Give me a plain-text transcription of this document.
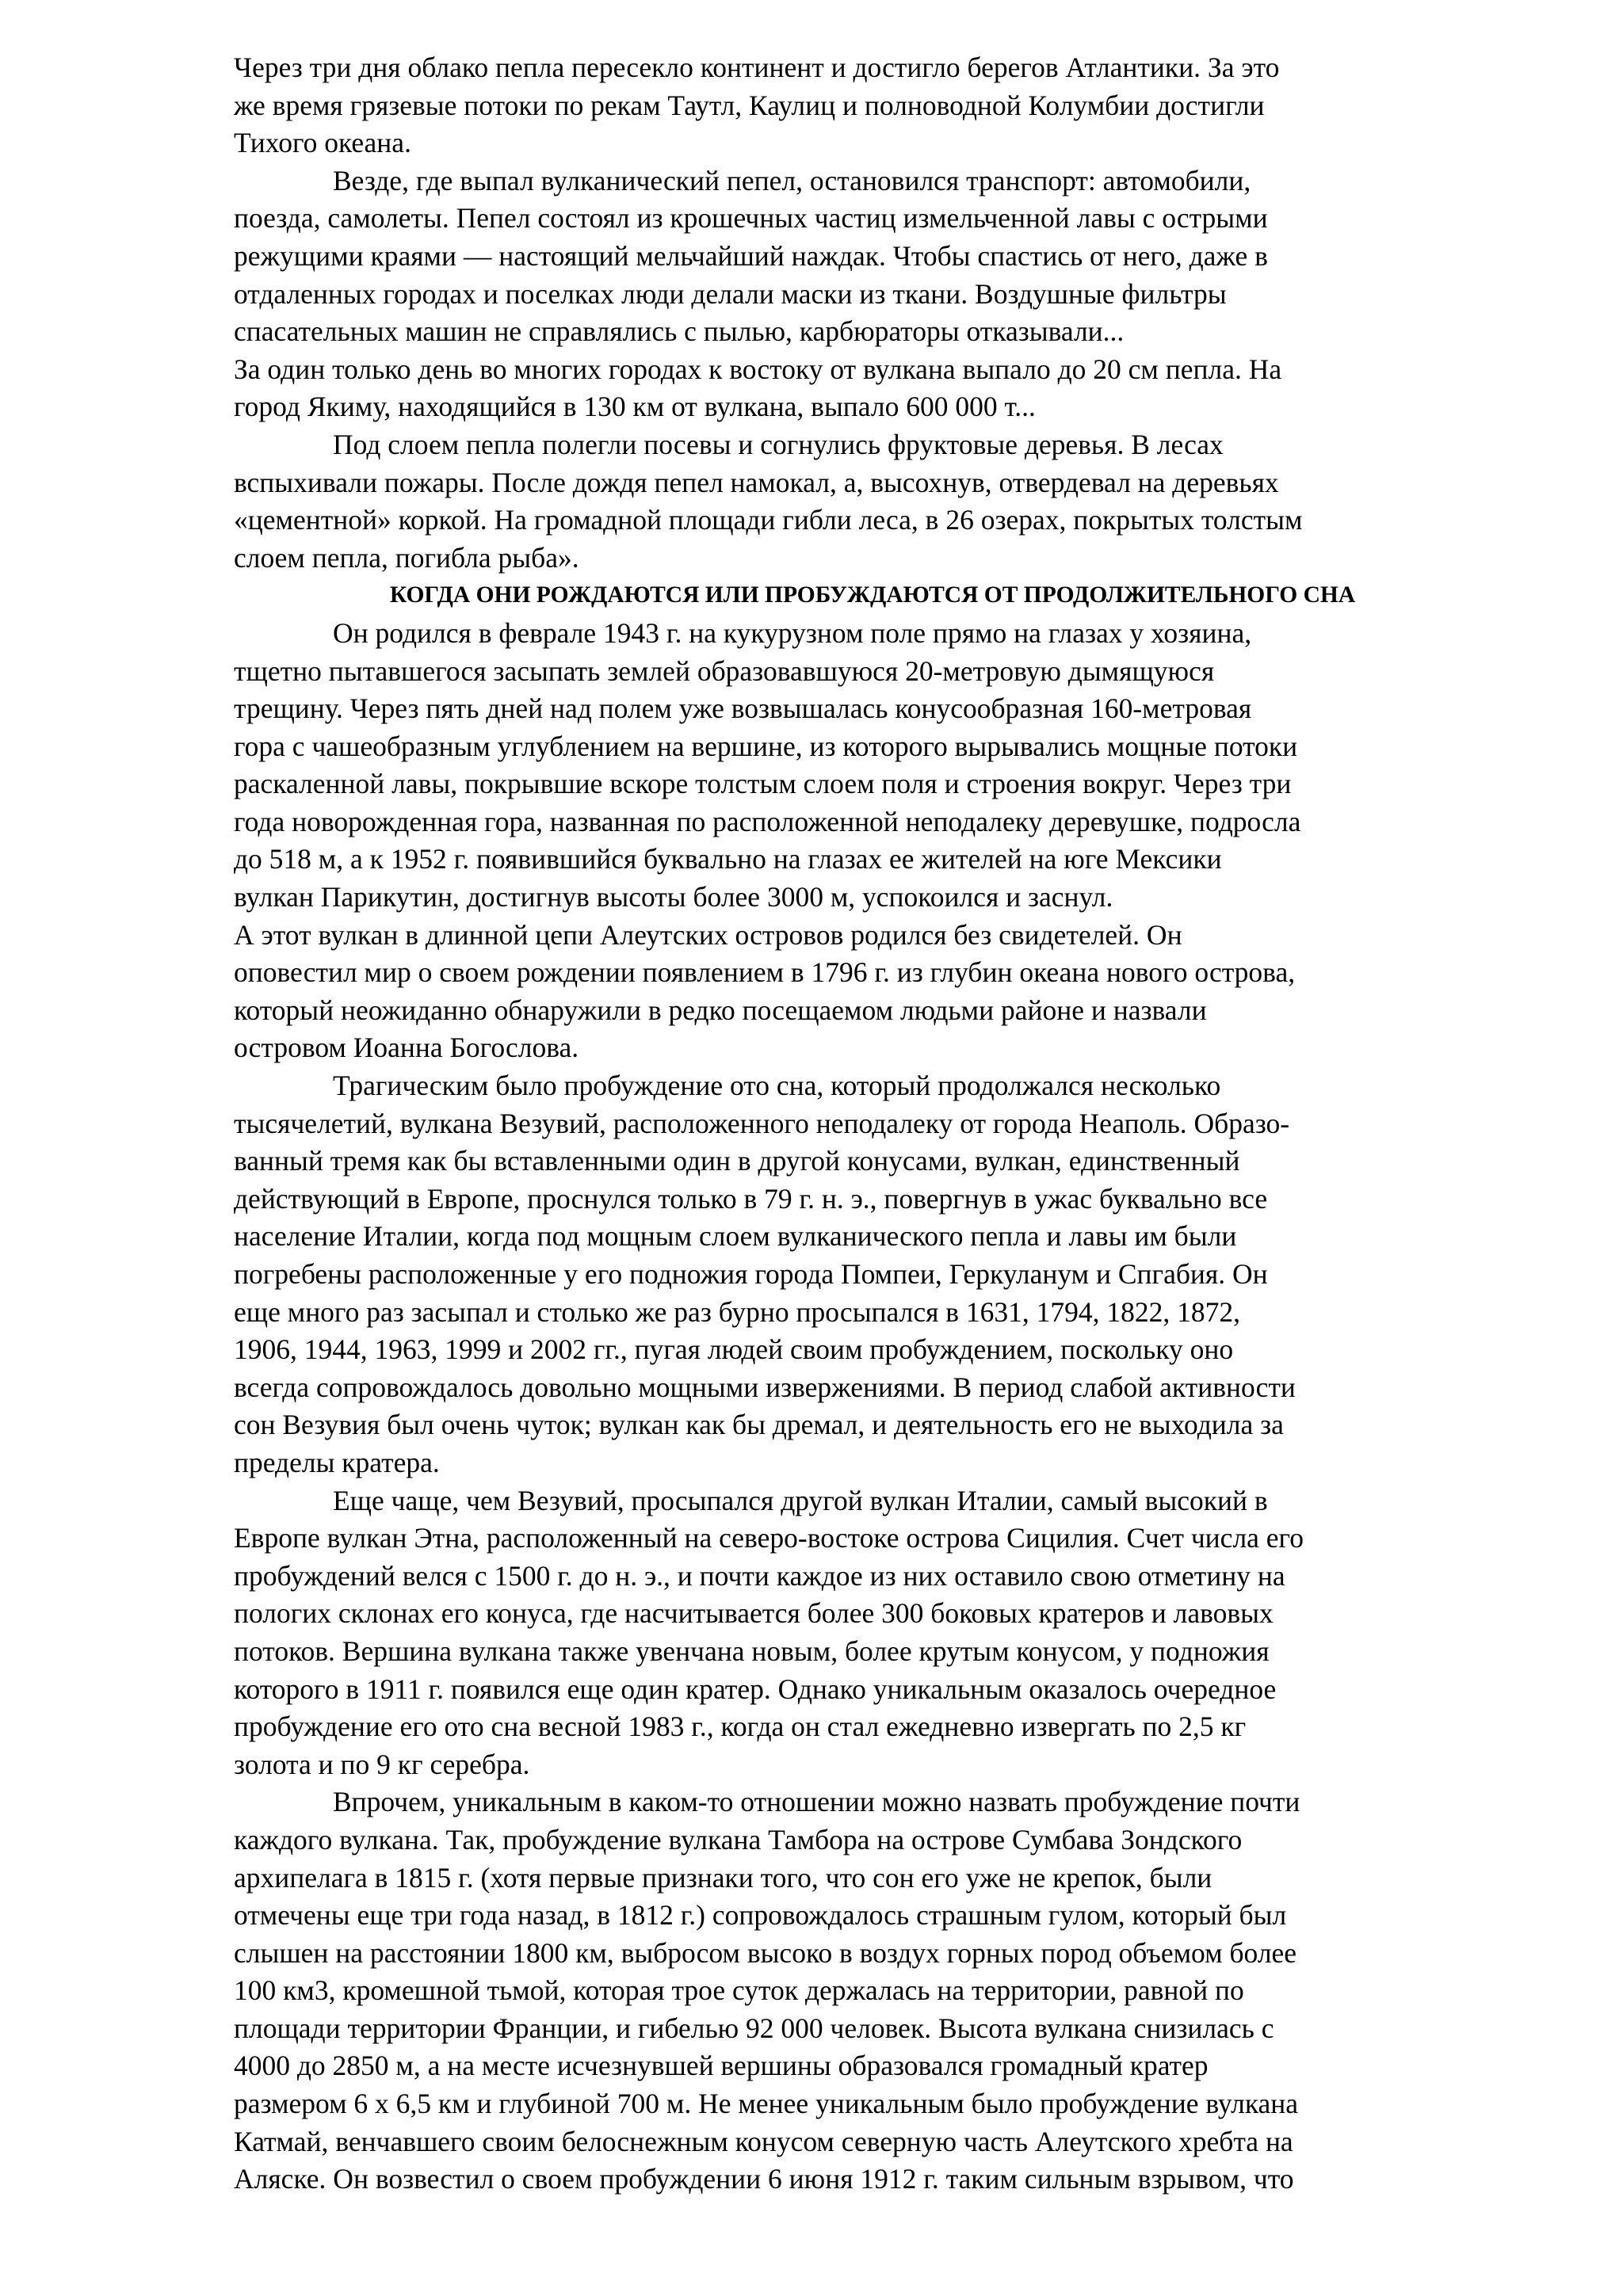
Через три дня облако пепла пересекло континент и достигло берегов Атлантики. За это
же время грязевые потоки по рекам Таутл, Каулиц и полноводной Колумбии достигли
Тихого океана.
Везде, где выпал вулканический пепел, остановился транспорт: автомобили,
поезда, самолеты. Пепел состоял из крошечных частиц измельченной лавы с острыми
режущими краями — настоящий мельчайший наждак. Чтобы спастись от него, даже в
отдаленных городах и поселках люди делали маски из ткани. Воздушные фильтры
спасательных машин не справлялись с пылью, карбюраторы отказывали...
За один только день во многих городах к востоку от вулкана выпало до 20 см пепла. На
город Якиму, находящийся в 130 км от вулкана, выпало 600 000 т...
Под слоем пепла полегли посевы и согнулись фруктовые деревья. В лесах
вспыхивали пожары. После дождя пепел намокал, а, высохнув, отвердевал на деревьях
«цементной» коркой. На громадной площади гибли леса, в 26 озерах, покрытых толстым
слоем пепла, погибла рыба».
КОГДА ОНИ РОЖДАЮТСЯ ИЛИ ПРОБУЖДАЮТСЯ ОТ ПРОДОЛЖИТЕЛЬНОГО СНА
Он родился в феврале 1943 г. на кукурузном поле прямо на глазах у хозяина,
тщетно пытавшегося засыпать землей образовавшуюся 20-метровую дымящуюся
трещину. Через пять дней над полем уже возвышалась конусообразная 160-метровая
гора с чашеобразным углублением на вершине, из которого вырывались мощные потоки
раскаленной лавы, покрывшие вскоре толстым слоем поля и строения вокруг. Через три
года новорожденная гора, названная по расположенной неподалеку деревушке, подросла
до 518 м, а к 1952 г. появившийся буквально на глазах ее жителей на юге Мексики
вулкан Парикутин, достигнув высоты более 3000 м, успокоился и заснул.
А этот вулкан в длинной цепи Алеутских островов родился без свидетелей. Он
оповестил мир о своем рождении появлением в 1796 г. из глубин океана нового острова,
который неожиданно обнаружили в редко посещаемом людьми районе и назвали
островом Иоанна Богослова.
Трагическим было пробуждение ото сна, который продолжался несколько
тысячелетий, вулкана Везувий, расположенного неподалеку от города Неаполь. Образо-
ванный тремя как бы вставленными один в другой конусами, вулкан, единственный
действующий в Европе, проснулся только в 79 г. н. э., повергнув в ужас буквально все
население Италии, когда под мощным слоем вулканического пепла и лавы им были
погребены расположенные у его подножия города Помпеи, Геркуланум и Спгабия. Он
еще много раз засыпал и столько же раз бурно просыпался в 1631, 1794, 1822, 1872,
1906, 1944, 1963, 1999 и 2002 гг., пугая людей своим пробуждением, поскольку оно
всегда сопровождалось довольно мощными извержениями. В период слабой активности
сон Везувия был очень чуток; вулкан как бы дремал, и деятельность его не выходила за
пределы кратера.
Еще чаще, чем Везувий, просыпался другой вулкан Италии, самый высокий в
Европе вулкан Этна, расположенный на северо-востоке острова Сицилия. Счет числа его
пробуждений велся с 1500 г. до н. э., и почти каждое из них оставило свою отметину на
пологих склонах его конуса, где насчитывается более 300 боковых кратеров и лавовых
потоков. Вершина вулкана также увенчана новым, более крутым конусом, у подножия
которого в 1911 г. появился еще один кратер. Однако уникальным оказалось очередное
пробуждение его ото сна весной 1983 г., когда он стал ежедневно извергать по 2,5 кг
золота и по 9 кг серебра.
Впрочем, уникальным в каком-то отношении можно назвать пробуждение почти
каждого вулкана. Так, пробуждение вулкана Тамбора на острове Сумбава Зондского
архипелага в 1815 г. (хотя первые признаки того, что сон его уже не крепок, были
отмечены еще три года назад, в 1812 г.) сопровождалось страшным гулом, который был
слышен на расстоянии 1800 км, выбросом высоко в воздух горных пород объемом более
100 км3, кромешной тьмой, которая трое суток держалась на территории, равной по
площади территории Франции, и гибелью 92 000 человек. Высота вулкана снизилась с
4000 до 2850 м, а на месте исчезнувшей вершины образовался громадный кратер
размером 6 х 6,5 км и глубиной 700 м. Не менее уникальным было пробуждение вулкана
Катмай, венчавшего своим белоснежным конусом северную часть Алеутского хребта на
Аляске. Он возвестил о своем пробуждении 6 июня 1912 г. таким сильным взрывом, что
